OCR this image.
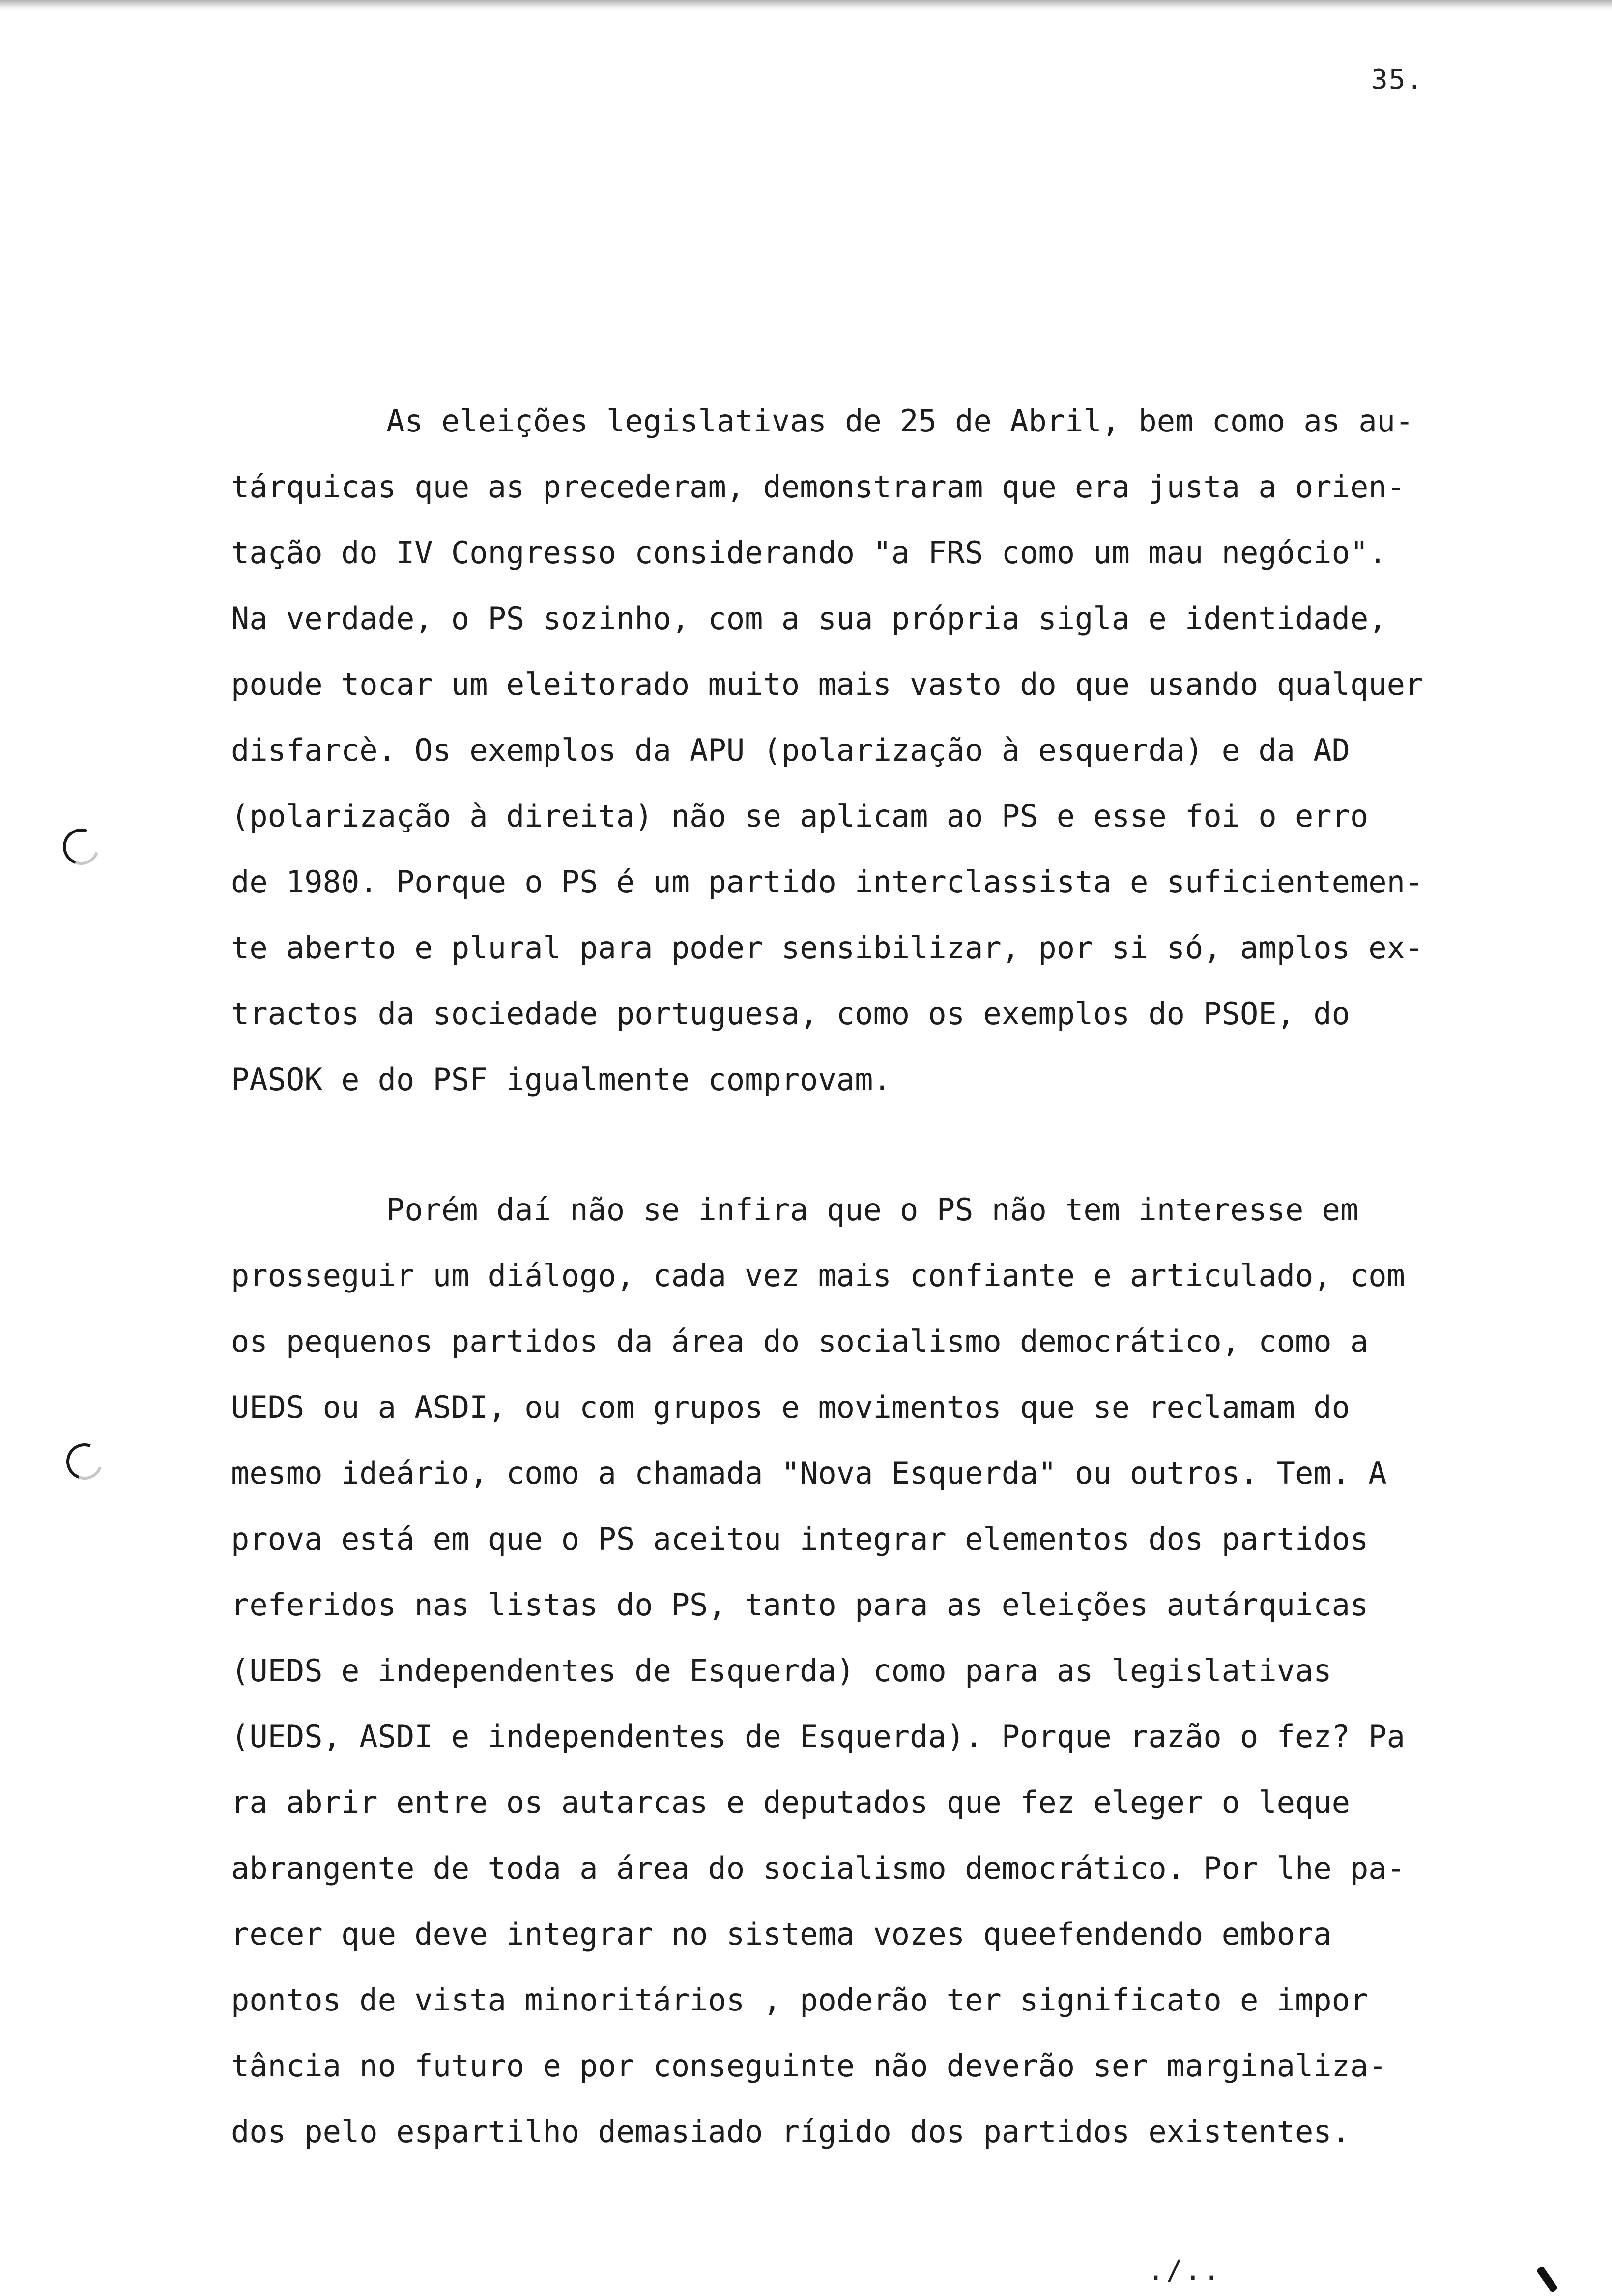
35.
As eleições legislativas de 25 de Abril, bem como as au-
tárquicas que as precederam, demonstraram que era justa a orien-
tação do IV Congresso considerando "a FRS como um mau negócio".
Na verdade, o PS sozinho, com a sua própria sigla e identidade,
poude tocar um eleitorado muito mais vasto do que usando qualquer
disfarcè. Os exemplos da APU (polarização à esquerda) e da AD
(polarização à direita) não se aplicam ao PS e esse foi o erro
de 1980. Porque o PS é um partido interclassista e suficientemen-
te aberto e plural para poder sensibilizar, por si só, amplos ex-
tractos da sociedade portuguesa, como os exemplos do PSOE, do
PASOK e do PSF igualmente comprovam.
Porém daí não se infira que o PS não tem interesse em
prosseguir um diálogo, cada vez mais confiante e articulado, com
os pequenos partidos da área do socialismo democrático, como a
UEDS ou a ASDI, ou com grupos e movimentos que se reclamam do
mesmo ideário, como a chamada "Nova Esquerda" ou outros. Tem. A
prova está em que o PS aceitou integrar elementos dos partidos
referidos nas listas do PS, tanto para as eleições autárquicas
(UEDS e independentes de Esquerda) como para as legislativas
(UEDS, ASDI e independentes de Esquerda). Porque razão o fez? Pa
ra abrir entre os autarcas e deputados que fez eleger o leque
abrangente de toda a área do socialismo democrático. Por lhe pa-
recer que deve integrar no sistema vozes queefendendo embora
pontos de vista minoritários , poderão ter significato e impor
tância no futuro e por conseguinte não deverão ser marginaliza-
dos pelo espartilho demasiado rígido dos partidos existentes.
./..
